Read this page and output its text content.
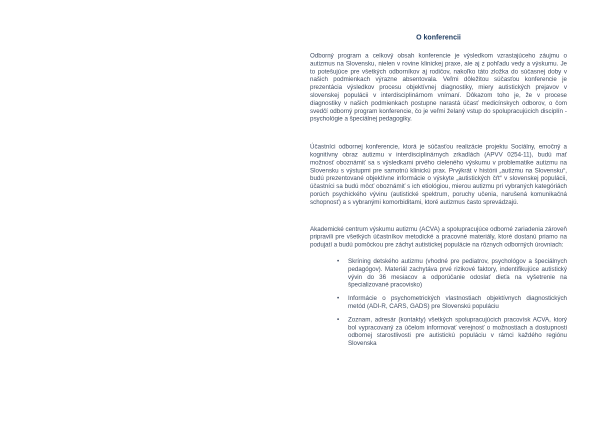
O konferencii

Odborný program a celkový obsah konferencie je výsledkom vzrastajúceho záujmu o autizmus na Slovensku, nielen v rovine klinickej praxe, ale aj z pohľadu vedy a výskumu. Je to potešujúce pre všetkých odborníkov aj rodičov, nakoľko táto zložka do súčasnej doby v našich podmienkach výrazne absentovala. Veľmi dôležitou súčasťou konferencie je prezentácia výsledkov procesu objektívnej diagnostiky, miery autistických prejavov v slovenskej populácii v interdisciplinárnom vnímaní. Dôkazom toho je, že v procese diagnostiky v našich podmienkach postupne narastá účasť medicínskych odborov, o čom svedčí odborný program konferencie, čo je veľmi želaný vstup do spolupracujúcich disciplín - psychológie a špeciálnej pedagogiky.

Účastníci odbornej konferencie, ktorá je súčasťou realizácie projektu Sociálny, emočný a kognitívny obraz autizmu v interdisciplinárnych zrkadlách (APVV 0254-11), budú mať možnosť oboznámiť sa s výsledkami prvého cieleného výskumu v problematike autizmu na Slovensku s výstupmi pre samotnú klinickú prax. Prvýkrát v histórii „autizmu na Slovensku“, budú prezentované objektívne informácie o výskyte „autistických čŕt“ v slovenskej populácii, účastníci sa budú môcť oboznámiť s ich etiológiou, mierou autizmu pri vybraných kategóriách porúch psychického vývinu (autistické spektrum, poruchy učenia, narušená komunikačná schopnosť) a s vybranými komorbiditami, ktoré autizmus často sprevádzajú.

Akademické centrum výskumu autizmu (ACVA) a spolupracujúce odborné zariadenia zároveň pripravili pre všetkých účastníkov metodické a pracovné materiály, ktoré dostanú priamo na podujatí a budú pomôckou pre záchyt autistickej populácie na rôznych odborných úrovniach:

• Skríning detského autizmu (vhodné pre pediatrov, psychológov a špeciálnych pedagógov). Materiál zachytáva prvé rizikové faktory, indentifikujúce autistický vývin do 36 mesiacov a odporúčanie odoslať dieťa na vyšetrenie na špecializované pracovisko)
• Informácie o psychometrických vlastnostiach objektívnych diagnostických metód (ADI-R, CARS, GADS) pre Slovenskú populáciu
• Zoznam, adresár (kontakty) všetkých spolupracujúcich pracovísk ACVA, ktorý bol vypracovaný za účelom informovať verejnosť o možnostiach a dostupnosti odbornej starostlivosti pre autistickú populáciu v rámci každého regiónu Slovenska
